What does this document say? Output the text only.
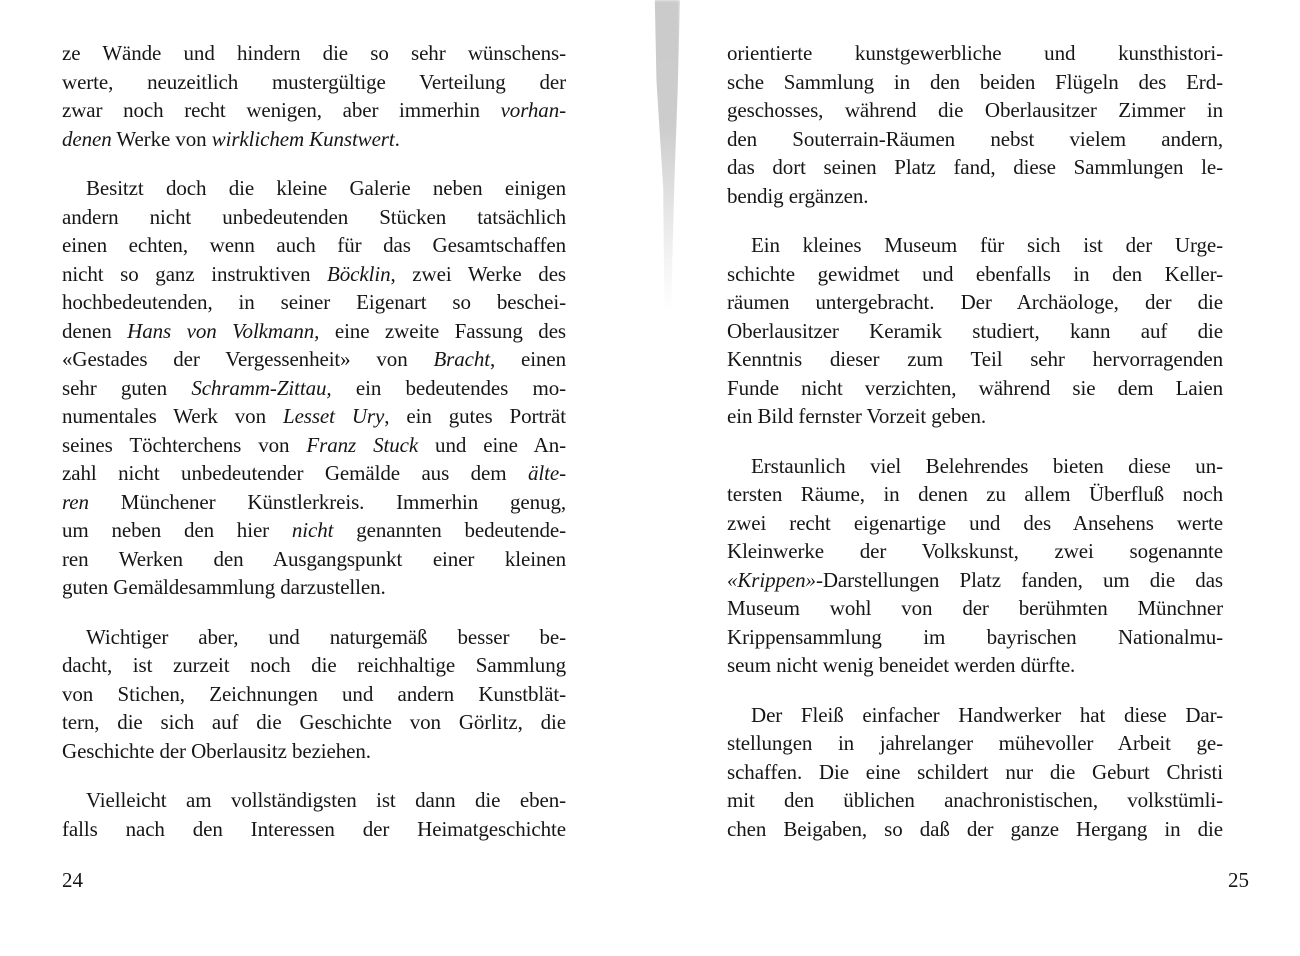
ze Wände und hindern die so sehr wünschens-
werte, neuzeitlich mustergültige Verteilung der
zwar noch recht wenigen, aber immerhin vorhan-
denen Werke von wirklichem Kunstwert.
Besitzt doch die kleine Galerie neben einigen
andern nicht unbedeutenden Stücken tatsächlich
einen echten, wenn auch für das Gesamtschaffen
nicht so ganz instruktiven Böcklin, zwei Werke des
hochbedeutenden, in seiner Eigenart so beschei-
denen Hans von Volkmann, eine zweite Fassung des
«Gestades der Vergessenheit» von Bracht, einen
sehr guten Schramm-Zittau, ein bedeutendes mo-
numentales Werk von Lesset Ury, ein gutes Porträt
seines Töchterchens von Franz Stuck und eine An-
zahl nicht unbedeutender Gemälde aus dem älte-
ren Münchener Künstlerkreis. Immerhin genug,
um neben den hier nicht genannten bedeutende-
ren Werken den Ausgangspunkt einer kleinen
guten Gemäldesammlung darzustellen.
Wichtiger aber, und naturgemäß besser be-
dacht, ist zurzeit noch die reichhaltige Sammlung
von Stichen, Zeichnungen und andern Kunstblät-
tern, die sich auf die Geschichte von Görlitz, die
Geschichte der Oberlausitz beziehen.
Vielleicht am vollständigsten ist dann die eben-
falls nach den Interessen der Heimatgeschichte
24
orientierte kunstgewerbliche und kunsthistori-
sche Sammlung in den beiden Flügeln des Erd-
geschosses, während die Oberlausitzer Zimmer in
den Souterrain-Räumen nebst vielem andern,
das dort seinen Platz fand, diese Sammlungen le-
bendig ergänzen.
Ein kleines Museum für sich ist der Urge-
schichte gewidmet und ebenfalls in den Keller-
räumen untergebracht. Der Archäologe, der die
Oberlausitzer Keramik studiert, kann auf die
Kenntnis dieser zum Teil sehr hervorragenden
Funde nicht verzichten, während sie dem Laien
ein Bild fernster Vorzeit geben.
Erstaunlich viel Belehrendes bieten diese un-
tersten Räume, in denen zu allem Überfluß noch
zwei recht eigenartige und des Ansehens werte
Kleinwerke der Volkskunst, zwei sogenannte
«Krippen»-Darstellungen Platz fanden, um die das
Museum wohl von der berühmten Münchner
Krippensammlung im bayrischen Nationalmu-
seum nicht wenig beneidet werden dürfte.
Der Fleiß einfacher Handwerker hat diese Dar-
stellungen in jahrelanger mühevoller Arbeit ge-
schaffen. Die eine schildert nur die Geburt Christi
mit den üblichen anachronistischen, volkstümli-
chen Beigaben, so daß der ganze Hergang in die
25
